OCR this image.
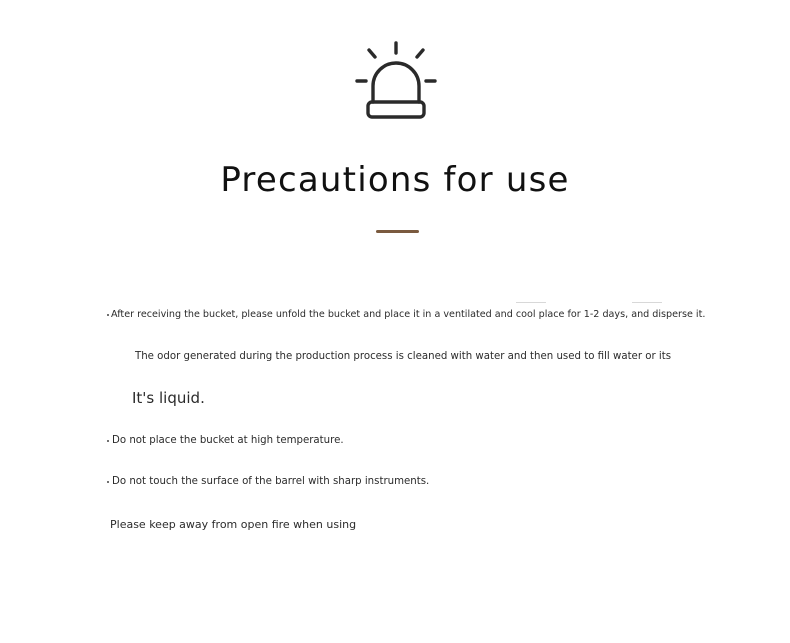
Precautions for use
After receiving the bucket, please unfold the bucket and place it in a ventilated and cool place for 1-2 days, and disperse it.
The odor generated during the production process is cleaned with water and then used to fill water or its
It's liquid.
Do not place the bucket at high temperature.
Do not touch the surface of the barrel with sharp instruments.
Please keep away from open fire when using
